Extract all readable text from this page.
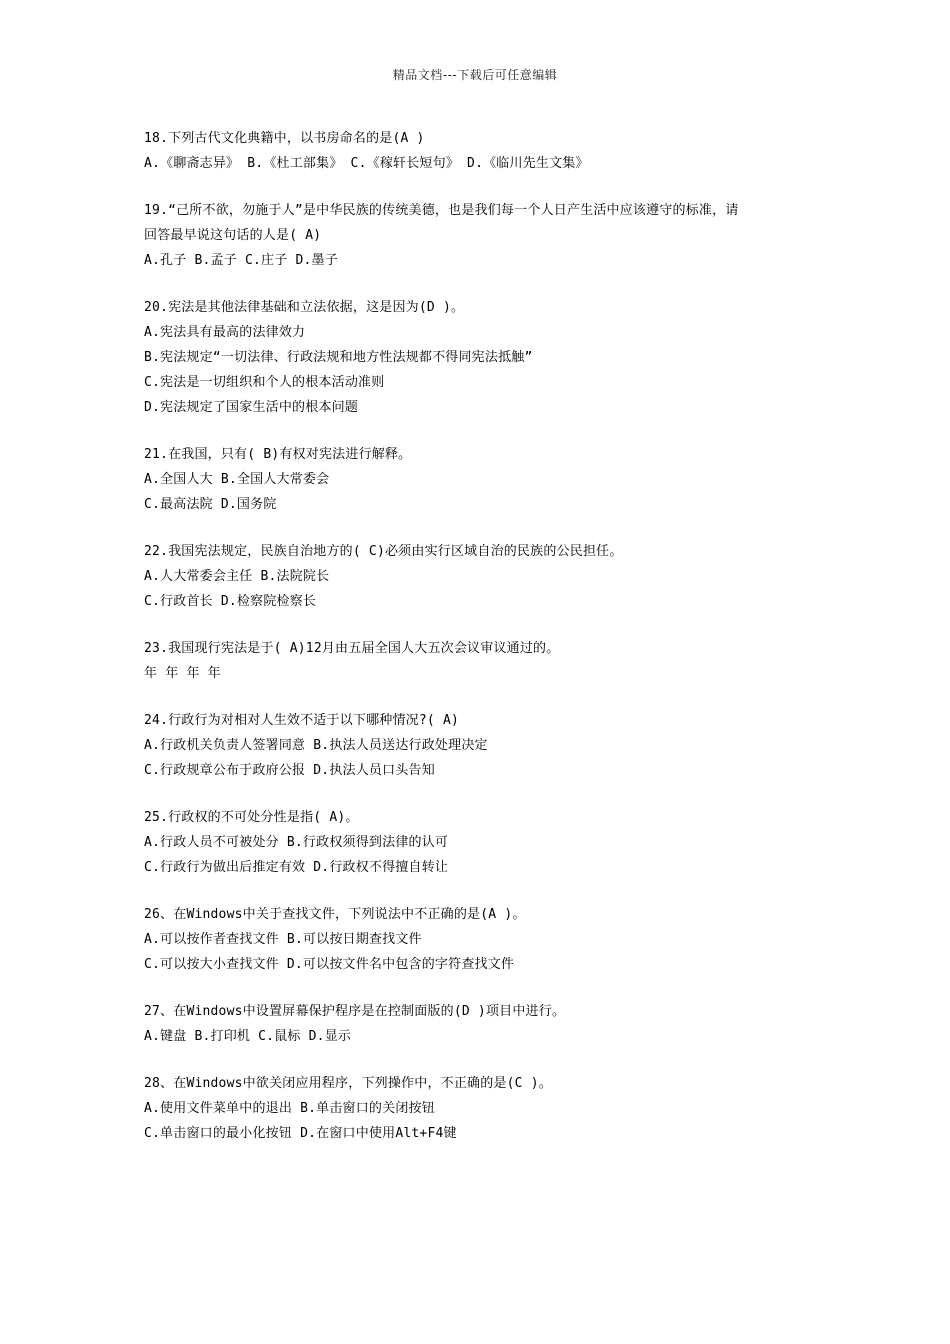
精品文档---下载后可任意编辑
18.下列古代文化典籍中，以书房命名的是(A )
A.《聊斋志异》 B.《杜工部集》 C.《稼轩长短句》 D.《临川先生文集》
19.“己所不欲，勿施于人”是中华民族的传统美德，也是我们每一个人日产生活中应该遵守的标准，请
回答最早说这句话的人是( A)
A.孔子 B.孟子 C.庄子 D.墨子
20.宪法是其他法律基础和立法依据，这是因为(D )。
A.宪法具有最高的法律效力
B.宪法规定“一切法律、行政法规和地方性法规都不得同宪法抵触”
C.宪法是一切组织和个人的根本活动准则
D.宪法规定了国家生活中的根本问题
21.在我国，只有( B)有权对宪法进行解释。
A.全国人大 B.全国人大常委会
C.最高法院 D.国务院
22.我国宪法规定，民族自治地方的( C)必须由实行区域自治的民族的公民担任。
A.人大常委会主任 B.法院院长
C.行政首长 D.检察院检察长
23.我国现行宪法是于( A)12月由五届全国人大五次会议审议通过的。
年 年 年 年
24.行政行为对相对人生效不适于以下哪种情况?( A)
A.行政机关负责人签署同意 B.执法人员送达行政处理决定
C.行政规章公布于政府公报 D.执法人员口头告知
25.行政权的不可处分性是指( A)。
A.行政人员不可被处分 B.行政权须得到法律的认可
C.行政行为做出后推定有效 D.行政权不得擅自转让
26、在Windows中关于查找文件，下列说法中不正确的是(A )。
A.可以按作者查找文件 B.可以按日期查找文件
C.可以按大小查找文件 D.可以按文件名中包含的字符查找文件
27、在Windows中设置屏幕保护程序是在控制面版的(D )项目中进行。
A.键盘 B.打印机 C.鼠标 D.显示
28、在Windows中欲关闭应用程序，下列操作中，不正确的是(C )。
A.使用文件菜单中的退出 B.单击窗口的关闭按钮
C.单击窗口的最小化按钮 D.在窗口中使用Alt+F4键
